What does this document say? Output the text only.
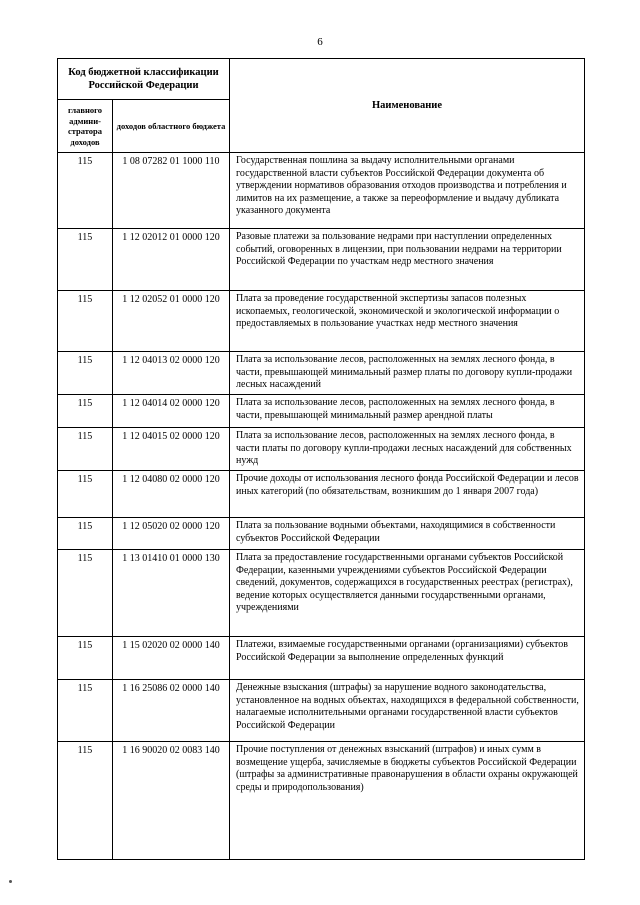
6
Код бюджетной классификации Российской Федерации		Наименование
главного админи-стратора доходов	доходов областного бюджета	
115	1 08 07282 01 1000 110	Государственная пошлина за выдачу исполнительными органами государственной власти субъектов Российской Федерации документа об утверждении нормативов образования отходов производства и потребления и лимитов на их размещение, а также за переоформление и выдачу дубликата указанного документа
115	1 12 02012 01 0000 120	Разовые платежи за пользование недрами при наступлении определенных событий, оговоренных в лицензии, при пользовании недрами на территории Российской Федерации по участкам недр местного значения
115	1 12 02052 01 0000 120	Плата за проведение государственной экспертизы запасов полезных ископаемых, геологической, экономической и экологической информации о предоставляемых в пользование участках недр местного значения
115	1 12 04013 02 0000 120	Плата за использование лесов, расположенных на землях лесного фонда, в части, превышающей минимальный размер платы по договору купли-продажи лесных насаждений
115	1 12 04014 02 0000 120	Плата за использование лесов, расположенных на землях лесного фонда, в части, превышающей минимальный размер арендной платы
115	1 12 04015 02 0000 120	Плата за использование лесов, расположенных на землях лесного фонда, в части платы по договору купли-продажи лесных насаждений для собственных нужд
115	1 12 04080 02 0000 120	Прочие доходы от использования лесного фонда Российской Федерации и лесов иных категорий (по обязательствам, возникшим до 1 января 2007 года)
115	1 12 05020 02 0000 120	Плата за пользование водными объектами, находящимися в собственности субъектов Российской Федерации
115	1 13 01410 01 0000 130	Плата за предоставление государственными органами субъектов Российской Федерации, казенными учреждениями субъектов Российской Федерации сведений, документов, содержащихся в государственных реестрах (регистрах), ведение которых осуществляется данными государственными органами, учреждениями
115	1 15 02020 02 0000 140	Платежи, взимаемые государственными органами (организациями) субъектов Российской Федерации за выполнение определенных функций
115	1 16 25086 02 0000 140	Денежные взыскания (штрафы) за нарушение водного законодательства, установленное на водных объектах, находящихся в федеральной собственности, налагаемые исполнительными органами государственной власти субъектов Российской Федерации
115	1 16 90020 02 0083 140	Прочие поступления от денежных взысканий (штрафов) и иных сумм в возмещение ущерба, зачисляемые в бюджеты субъектов Российской Федерации (штрафы за административные правонарушения в области охраны окружающей среды и природопользования)
